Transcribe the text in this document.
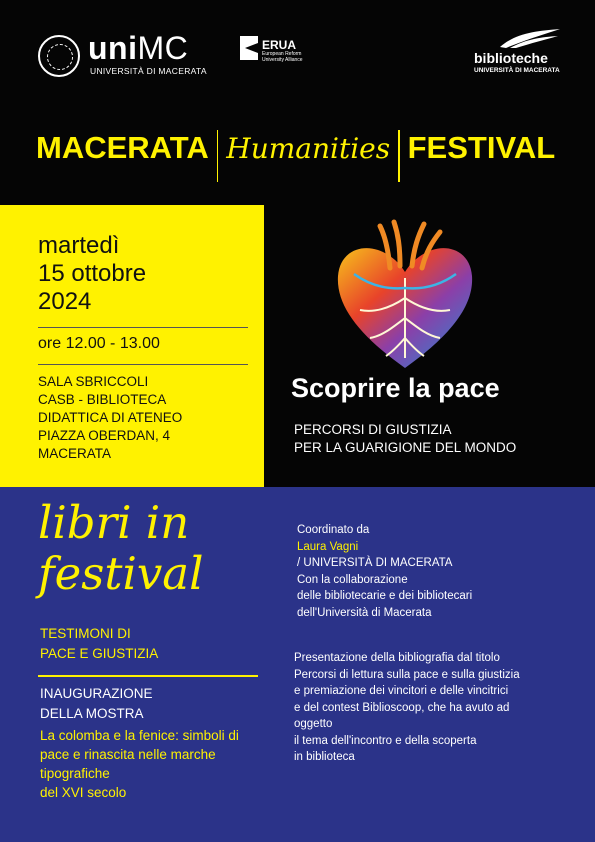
uniMC
UNIVERSITÀ DI MACERATA
ERUA
European Reform University Alliance	biblioteche
UNIVERSITÀ DI MACERATA
MACERATA Humanities FESTIVAL
martedì
15 ottobre
2024
ore 12.00 - 13.00
SALA SBRICCOLI
CASB - BIBLIOTECA
DIDATTICA DI ATENEO
PIAZZA OBERDAN, 4
MACERATA
Scoprire la pace
PERCORSI DI GIUSTIZIA
PER LA GUARIGIONE DEL MONDO
libri in
festival
TESTIMONI DI
PACE E GIUSTIZIA
INAUGURAZIONE
DELLA MOSTRA
La colomba e la fenice: simboli di
pace e rinascita nelle marche
tipografiche
del XVI secolo
Coordinato da
Laura Vagni
/ UNIVERSITÀ DI MACERATA
Con la collaborazione
delle bibliotecarie e dei bibliotecari
dell'Università di Macerata
Presentazione della bibliografia dal titolo
Percorsi di lettura sulla pace e sulla giustizia
e premiazione dei vincitori e delle vincitrici
e del contest Biblioscoop, che ha avuto ad
oggetto
il tema dell'incontro e della scoperta
in biblioteca
